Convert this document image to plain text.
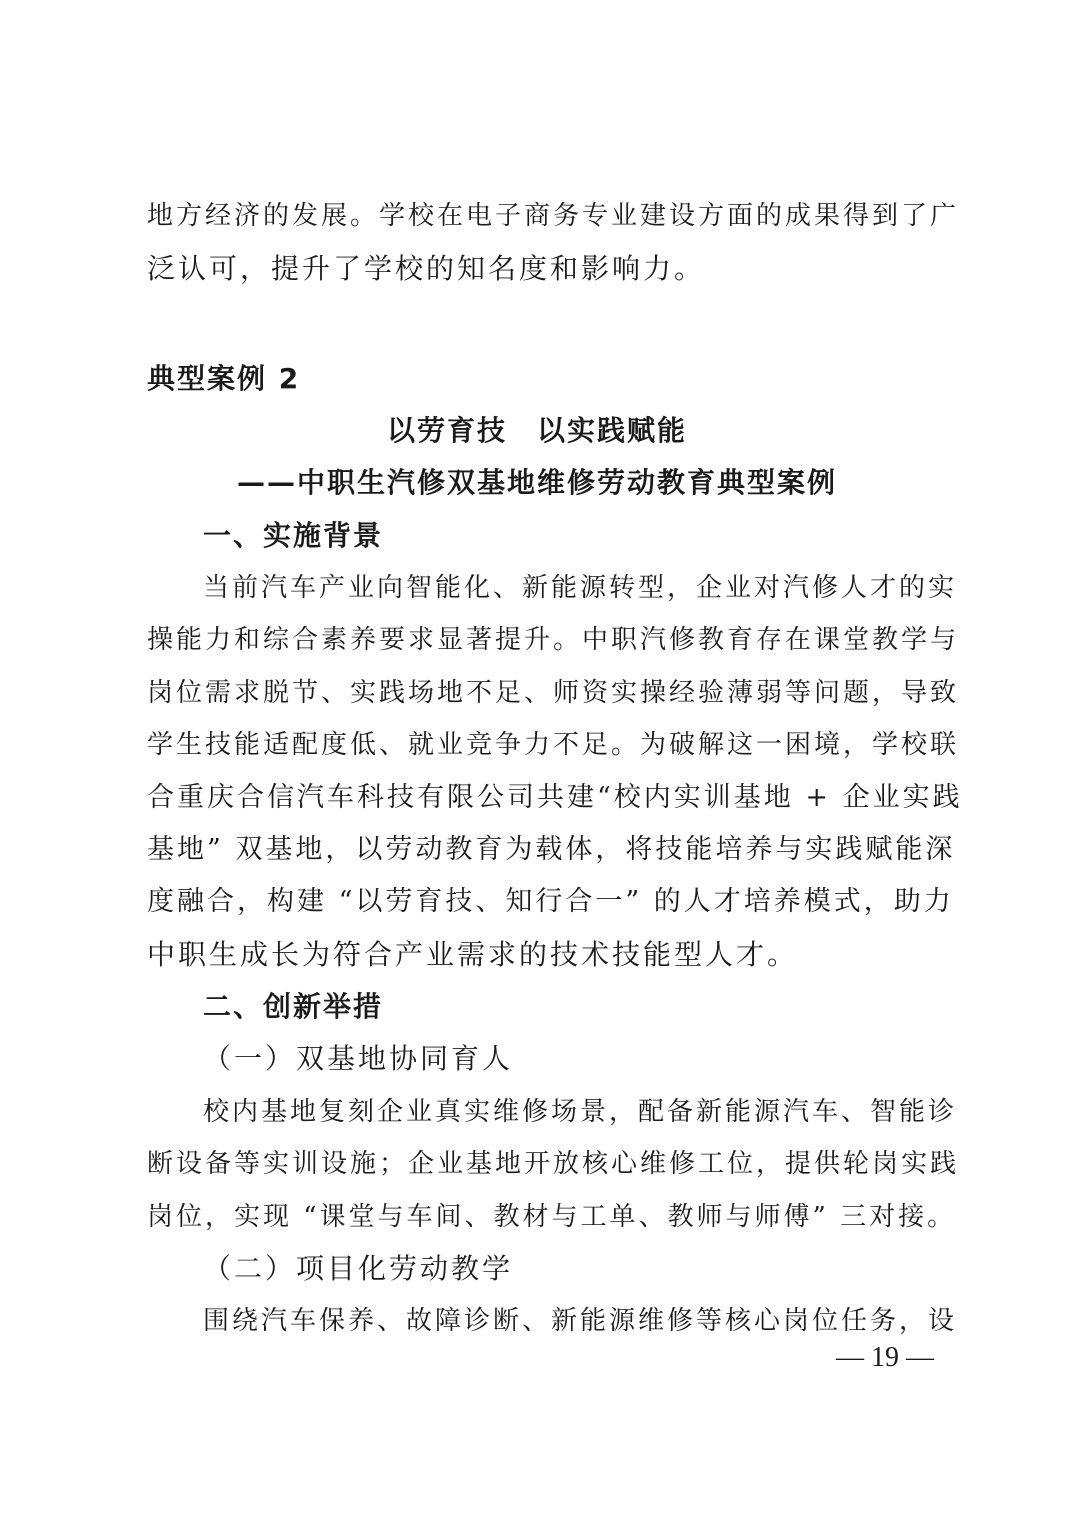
地方经济的发展。学校在电子商务专业建设方面的成果得到了广
泛认可，提升了学校的知名度和影响力。
典型案例 2
以劳育技　以实践赋能
——中职生汽修双基地维修劳动教育典型案例
一、实施背景
当前汽车产业向智能化、新能源转型，企业对汽修人才的实
操能力和综合素养要求显著提升。中职汽修教育存在课堂教学与
岗位需求脱节、实践场地不足、师资实操经验薄弱等问题，导致
学生技能适配度低、就业竞争力不足。为破解这一困境，学校联
合重庆合信汽车科技有限公司共建“校内实训基地 + 企业实践
基地” 双基地，以劳动教育为载体，将技能培养与实践赋能深
度融合，构建 “以劳育技、知行合一” 的人才培养模式，助力
中职生成长为符合产业需求的技术技能型人才。
二、创新举措
（一）双基地协同育人
校内基地复刻企业真实维修场景，配备新能源汽车、智能诊
断设备等实训设施；企业基地开放核心维修工位，提供轮岗实践
岗位，实现 “课堂与车间、教材与工单、教师与师傅” 三对接。
（二）项目化劳动教学
围绕汽车保养、故障诊断、新能源维修等核心岗位任务，设
— 19 —
